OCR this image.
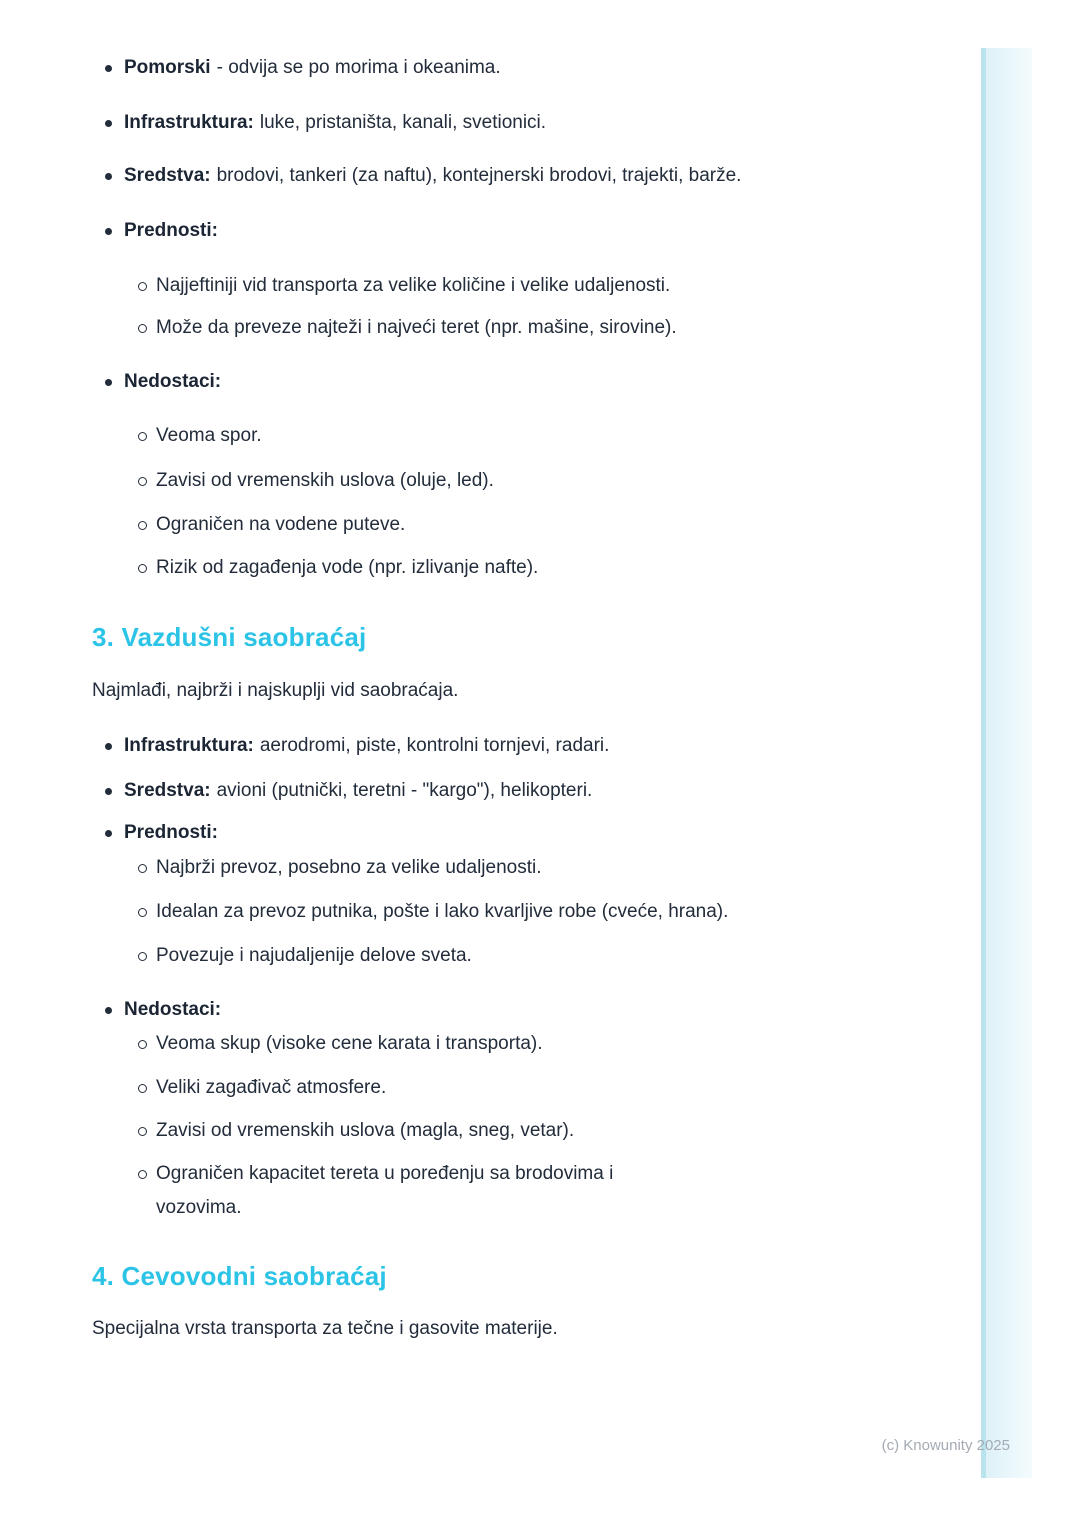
Pomorski - odvija se po morima i okeanima.
Infrastruktura: luke, pristaništa, kanali, svetionici.
Sredstva: brodovi, tankeri (za naftu), kontejnerski brodovi, trajekti, barže.
Prednosti:
Najjeftiniji vid transporta za velike količine i velike udaljenosti.
Može da preveze najteži i najveći teret (npr. mašine, sirovine).
Nedostaci:
Veoma spor.
Zavisi od vremenskih uslova (oluje, led).
Ograničen na vodene puteve.
Rizik od zagađenja vode (npr. izlivanje nafte).
3. Vazdušni saobraćaj
Najmlađi, najbrži i najskuplji vid saobraćaja.
Infrastruktura: aerodromi, piste, kontrolni tornjevi, radari.
Sredstva: avioni (putnički, teretni - "kargo"), helikopteri.
Prednosti:
Najbrži prevoz, posebno za velike udaljenosti.
Idealan za prevoz putnika, pošte i lako kvarljive robe (cveće, hrana).
Povezuje i najudaljenije delove sveta.
Nedostaci:
Veoma skup (visoke cene karata i transporta).
Veliki zagađivač atmosfere.
Zavisi od vremenskih uslova (magla, sneg, vetar).
Ograničen kapacitet tereta u poređenju sa brodovima i vozovima.
4. Cevovodni saobraćaj
Specijalna vrsta transporta za tečne i gasovite materije.
(c) Knowunity 2025
